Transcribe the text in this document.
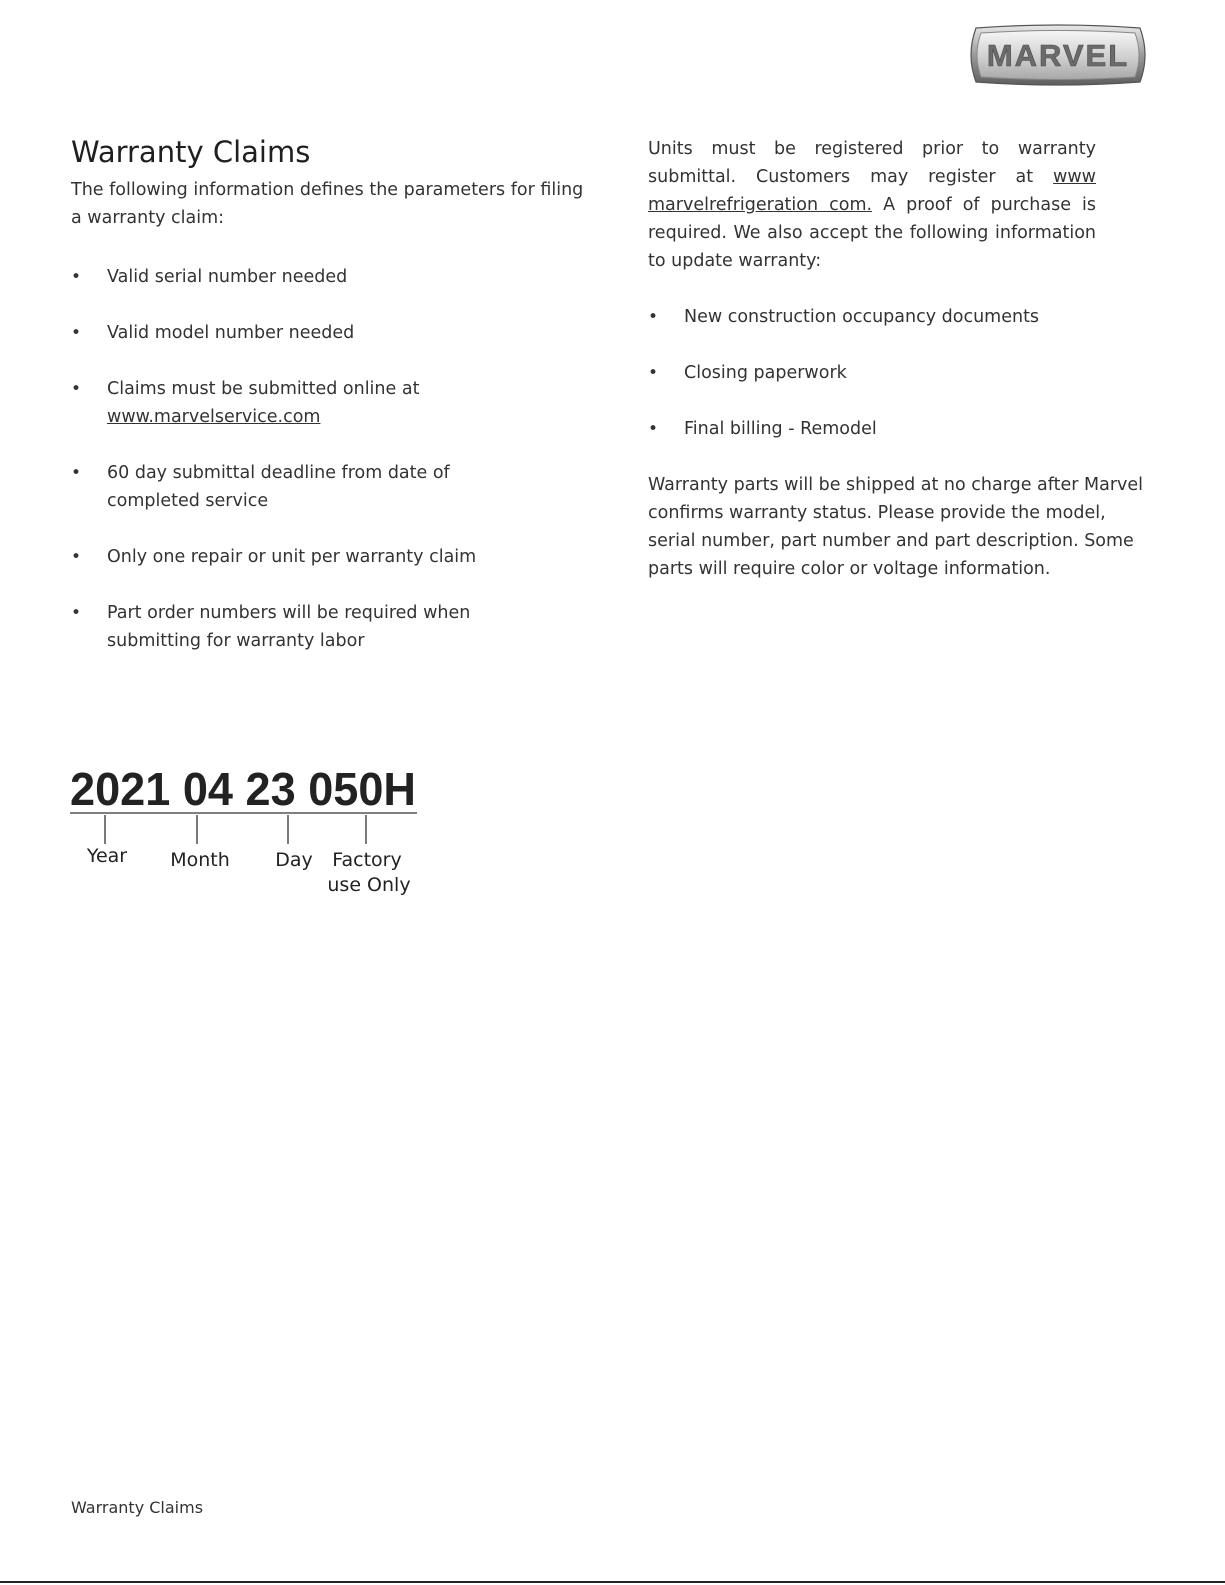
MARVEL
Warranty Claims

The following information defines the parameters for filing a warranty claim:

• Valid serial number needed
• Valid model number needed
• Claims must be submitted online at
www.marvelservice.com
• 60 day submittal deadline from date of completed service
• Only one repair or unit per warranty claim
• Part order numbers will be required when submitting for warranty labor

Units must be registered prior to warranty submittal. Customers may register at www marvelrefrigeration com. A proof of purchase is required. We also accept the following information to update warranty:

• New construction occupancy documents
• Closing paperwork
• Final billing - Remodel

Warranty parts will be shipped at no charge after Marvel confirms warranty status. Please provide the model, serial number, part number and part description. Some parts will require color or voltage information.

2021 04 23 050H
Year Month Day Factory
use Only
Warranty Claims
